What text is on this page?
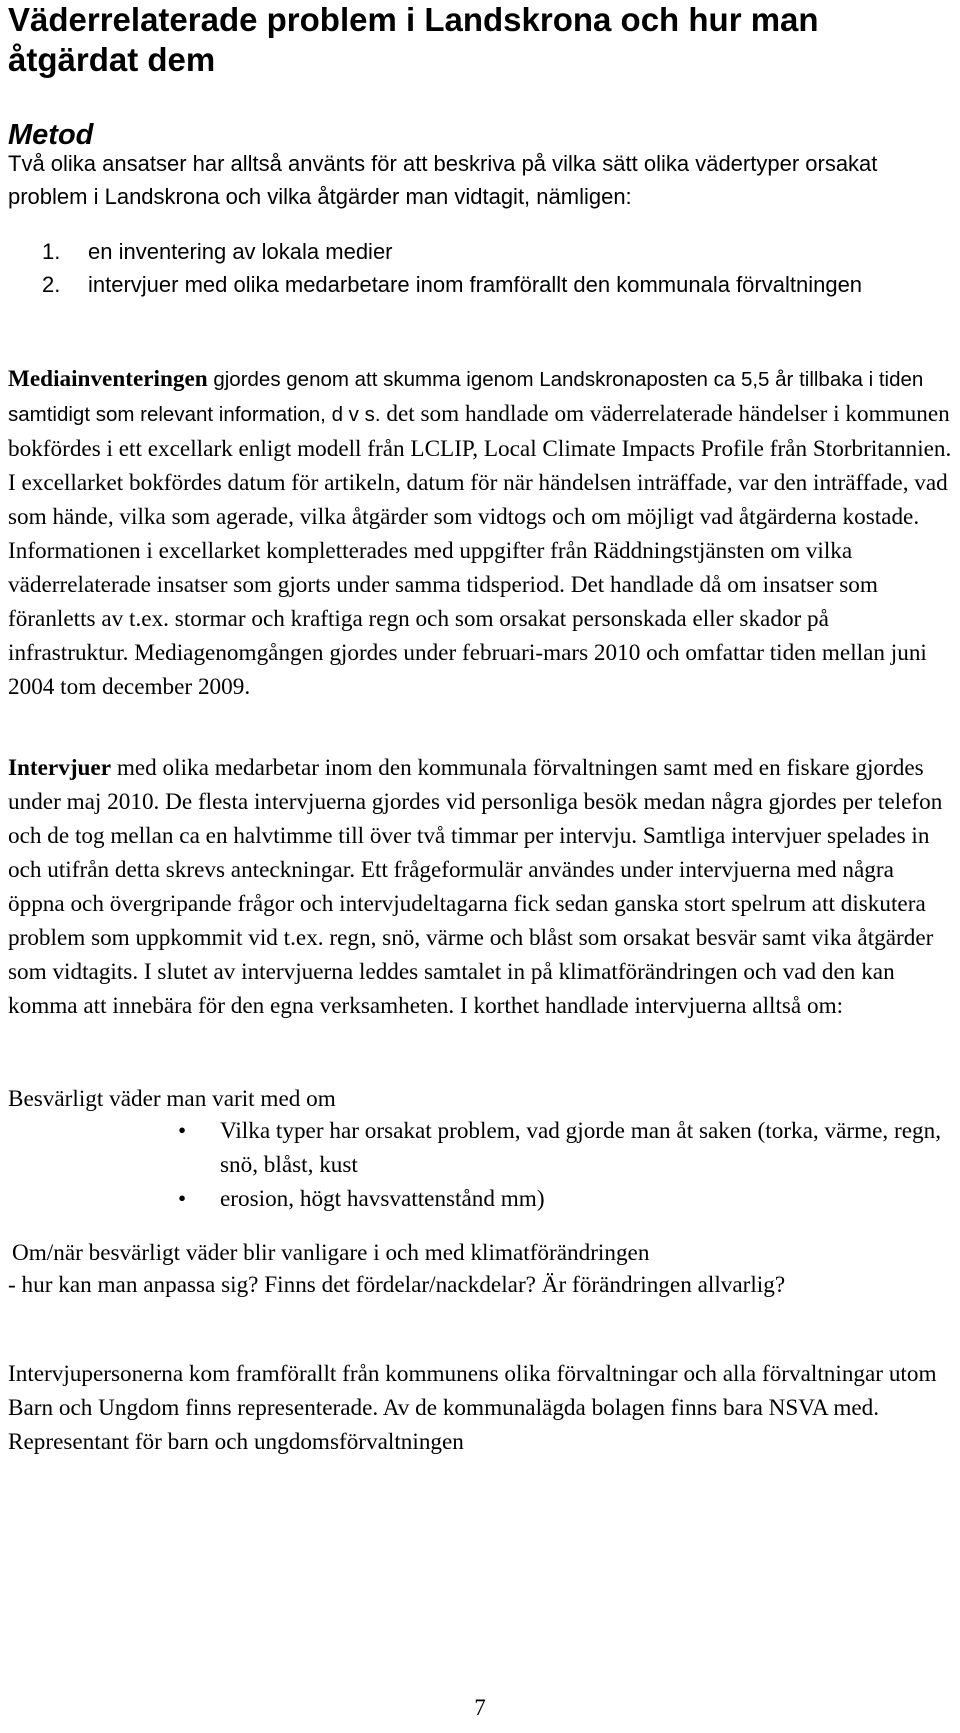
Väderrelaterade problem i Landskrona och hur man åtgärdat dem
Metod

Två olika ansatser har alltså använts för att beskriva på vilka sätt olika vädertyper orsakat problem i Landskrona och vilka åtgärder man vidtagit, nämligen:

1. en inventering av lokala medier
2. intervjuer med olika medarbetare inom framförallt den kommunala förvaltningen

Mediainventeringen gjordes genom att skumma igenom Landskronaposten ca 5,5 år tillbaka i tiden samtidigt som relevant information, d v s. det som handlade om väderrelaterade händelser i kommunen bokfördes i ett excellark enligt modell från LCLIP, Local Climate Impacts Profile från Storbritannien. I excellarket bokfördes datum för artikeln, datum för när händelsen inträffade, var den inträffade, vad som hände, vilka som agerade, vilka åtgärder som vidtogs och om möjligt vad åtgärderna kostade. Informationen i excellarket kompletterades med uppgifter från Räddningstjänsten om vilka väderrelaterade insatser som gjorts under samma tidsperiod. Det handlade då om insatser som föranletts av t.ex. stormar och kraftiga regn och som orsakat personskada eller skador på infrastruktur. Mediagenomgången gjordes under februari-mars 2010 och omfattar tiden mellan juni 2004 tom december 2009.

Intervjuer med olika medarbetar inom den kommunala förvaltningen samt med en fiskare gjordes under maj 2010. De flesta intervjuerna gjordes vid personliga besök medan några gjordes per telefon och de tog mellan ca en halvtimme till över två timmar per intervju. Samtliga intervjuer spelades in och utifrån detta skrevs anteckningar. Ett frågeformulär användes under intervjuerna med några öppna och övergripande frågor och intervjudeltagarna fick sedan ganska stort spelrum att diskutera problem som uppkommit vid t.ex. regn, snö, värme och blåst som orsakat besvär samt vika åtgärder som vidtagits. I slutet av intervjuerna leddes samtalet in på klimatförändringen och vad den kan komma att innebära för den egna verksamheten. I korthet handlade intervjuerna alltså om:

Besvärligt väder man varit med om

• Vilka typer har orsakat problem, vad gjorde man åt saken (torka, värme, regn, snö, blåst, kust
• erosion, högt havsvattenstånd mm)

Om/när besvärligt väder blir vanligare i och med klimatförändringen

- hur kan man anpassa sig? Finns det fördelar/nackdelar? Är förändringen allvarlig?

Intervjupersonerna kom framförallt från kommunens olika förvaltningar och alla förvaltningar utom Barn och Ungdom finns representerade. Av de kommunalägda bolagen finns bara NSVA med. Representant för barn och ungdomsförvaltningen

7
